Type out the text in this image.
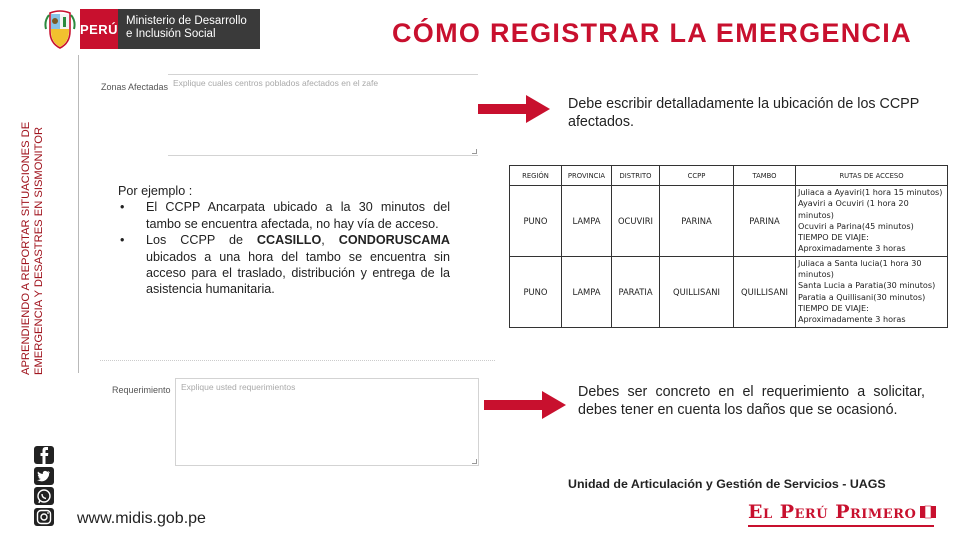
PERÚ
Ministerio de Desarrollo
e Inclusión Social	CÓMO REGISTRAR LA EMERGENCIA
APRENDIENDO A REPORTAR SITUACIONES DE EMERGENCIA Y DESASTRES EN SISMONITOR
Zonas Afectadas Explique cuales centros poblados afectados en el zafe
Requerimiento	Explique usted requerimientos
Por ejemplo :
• El CCPP Ancarpata ubicado a la 30 minutos del tambo se encuentra afectada, no hay vía de acceso.
• Los CCPP de CCASILLO, CONDORUSCAMA ubicados a una hora del tambo se encuentra sin acceso para el traslado, distribución y entrega de la asistencia humanitaria.
Debe escribir detalladamente la ubicación de los CCPP afectados.
Debes ser concreto en el requerimiento a solicitar, debes tener en cuenta los daños que se ocasionó.
REGIÓN	PROVINCIA	DISTRITO	CCPP	TAMBO	RUTAS DE ACCESO
PUNO	LAMPA	OCUVIRI	PARINA	PARINA	Juliaca a Ayaviri(1 hora 15 minutos)
Ayaviri a Ocuviri (1 hora 20 minutos)
Ocuviri a Parina(45 minutos)
TIEMPO DE VIAJE:
Aproximadamente 3 horas

PUNO	LAMPA	PARATIA	QUILLISANI	QUILLISANI	Juliaca a Santa lucia(1 hora 30 minutos)
Santa Lucia a Paratia(30 minutos)
Paratia a Quillisani(30 minutos)
TIEMPO DE VIAJE:
Aproximadamente 3 horas
Unidad de Articulación y Gestión de Servicios - UAGS
www.midis.gob.pe	El Perú Primero
